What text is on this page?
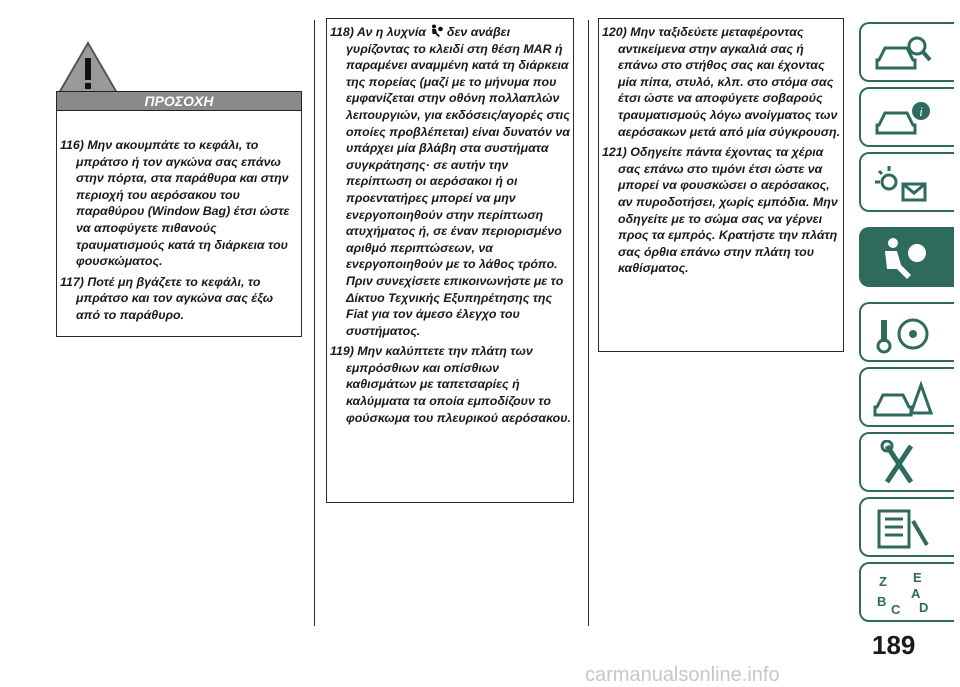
ΠΡΟΣΟΧΗ

116) Μην ακουμπάτε το κεφάλι, το μπράτσο ή τον αγκώνα σας επάνω στην πόρτα, στα παράθυρα και στην περιοχή του αερόσακου του παραθύρου (Window Bag) έτσι ώστε να αποφύγετε πιθανούς τραυματισμούς κατά τη διάρκεια του φουσκώματος.

117) Ποτέ μη βγάζετε το κεφάλι, το μπράτσο και τον αγκώνα σας έξω από το παράθυρο.

118) Αν η λυχνία δεν ανάβει γυρίζοντας το κλειδί στη θέση MAR ή παραμένει αναμμένη κατά τη διάρκεια της πορείας (μαζί με το μήνυμα που εμφανίζεται στην οθόνη πολλαπλών λειτουργιών, για εκδόσεις/αγορές στις οποίες προβλέπεται) είναι δυνατόν να υπάρχει μία βλάβη στα συστήματα συγκράτησης· σε αυτήν την περίπτωση οι αερόσακοι ή οι προεντατήρες μπορεί να μην ενεργοποιηθούν στην περίπτωση ατυχήματος ή, σε έναν περιορισμένο αριθμό περιπτώσεων, να ενεργοποιηθούν με το λάθος τρόπο. Πριν συνεχίσετε επικοινωνήστε με το Δίκτυο Τεχνικής Εξυπηρέτησης της Fiat για τον άμεσο έλεγχο του συστήματος.

119) Μην καλύπτετε την πλάτη των εμπρόσθιων και οπίσθιων καθισμάτων με ταπετσαρίες ή καλύμματα τα οποία εμποδίζουν το φούσκωμα του πλευρικού αερόσακου.

120) Μην ταξιδεύετε μεταφέροντας αντικείμενα στην αγκαλιά σας ή επάνω στο στήθος σας και έχοντας μία πίπα, στυλό, κλπ. στο στόμα σας έτσι ώστε να αποφύγετε σοβαρούς τραυματισμούς λόγω ανοίγματος των αερόσακων μετά από μία σύγκρουση.

121) Οδηγείτε πάντα έχοντας τα χέρια σας επάνω στο τιμόνι έτσι ώστε να μπορεί να φουσκώσει ο αερόσακος, αν πυροδοτήσει, χωρίς εμπόδια. Μην οδηγείτε με το σώμα σας να γέρνει προς τα εμπρός. Κρατήστε την πλάτη σας όρθια επάνω στην πλάτη του καθίσματος.

i
Z E
A
B
C D
189
carmanualsonline.info
